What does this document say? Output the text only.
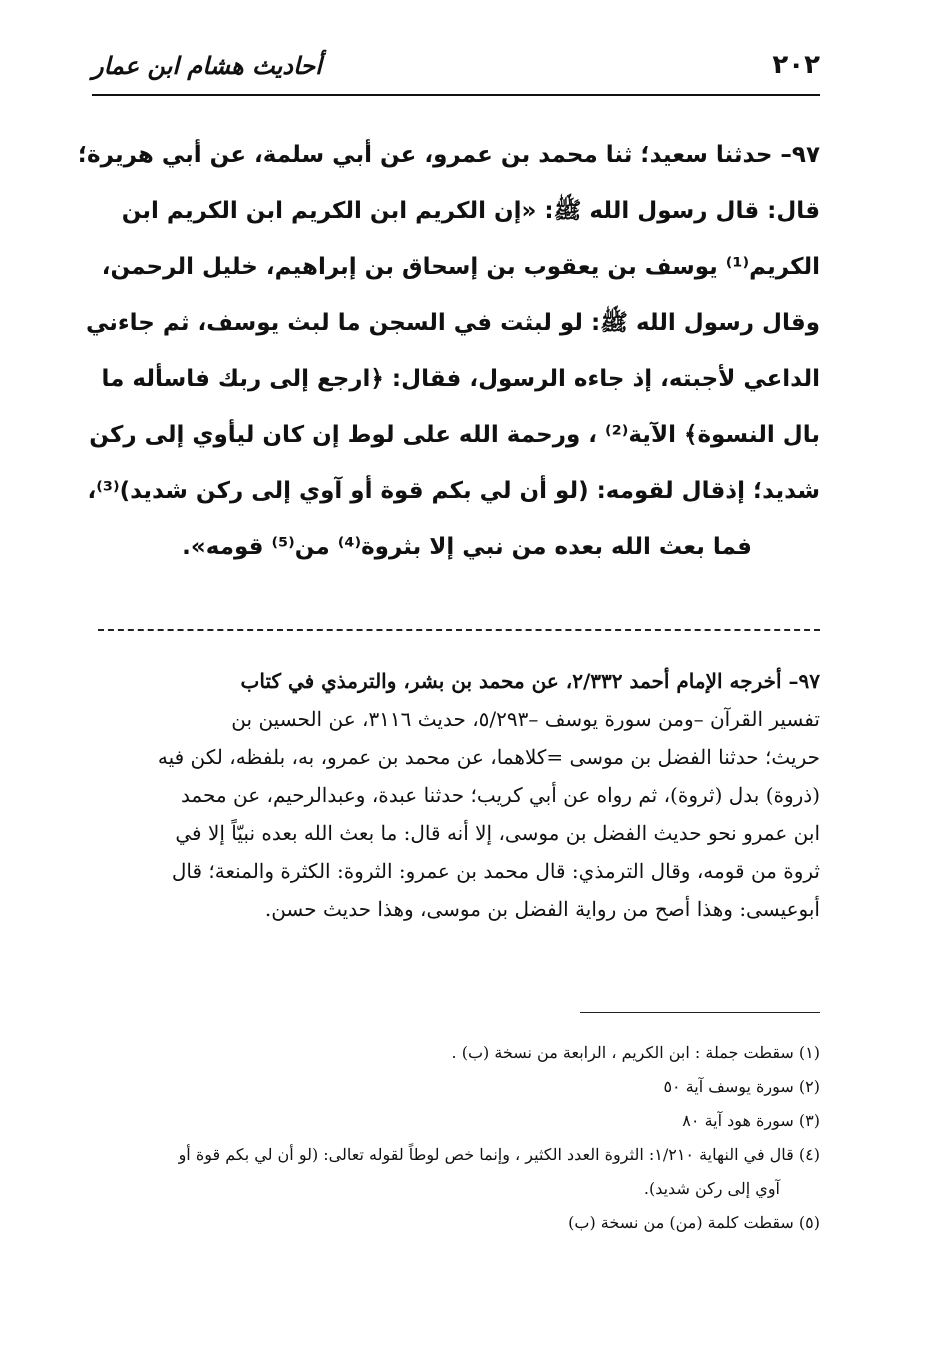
أحاديث هشام ابن عمار	٢٠٢
٩٧– حدثنا سعيد؛ ثنا محمد بن عمرو، عن أبي سلمة، عن أبي هريرة؛
قال: قال رسول الله ﷺ: «إن الكريم ابن الكريم ابن الكريم ابن
الكريم⁽¹⁾ يوسف بن يعقوب بن إسحاق بن إبراهيم، خليل الرحمن،
وقال رسول الله ﷺ: لو لبثت في السجن ما لبث يوسف، ثم جاءني
الداعي لأجبته، إذ جاءه الرسول، فقال: ﴿ارجع إلى ربك فاسأله ما
بال النسوة﴾ الآية⁽²⁾ ، ورحمة الله على لوط إن كان ليأوي إلى ركن
شديد؛ إذقال لقومه: (لو أن لي بكم قوة أو آوي إلى ركن شديد)⁽³⁾،
فما بعث الله بعده من نبي إلا بثروة⁽⁴⁾ من⁽⁵⁾ قومه».
٩٧– أخرجه الإمام أحمد ٢/٣٣٢، عن محمد بن بشر، والترمذي في كتاب
تفسير القرآن –ومن سورة يوسف –٥/٢٩٣، حديث ٣١١٦، عن الحسين بن
حريث؛ حدثنا الفضل بن موسى =كلاهما، عن محمد بن عمرو، به، بلفظه، لكن فيه
(ذروة) بدل (ثروة)، ثم رواه عن أبي كريب؛ حدثنا عبدة، وعبدالرحيم، عن محمد
ابن عمرو نحو حديث الفضل بن موسى، إلا أنه قال: ما بعث الله بعده نبيّاً إلا في
ثروة من قومه، وقال الترمذي: قال محمد بن عمرو: الثروة: الكثرة والمنعة؛ قال
أبوعيسى: وهذا أصح من رواية الفضل بن موسى، وهذا حديث حسن.
(١) سقطت جملة : ابن الكريم ، الرابعة من نسخة (ب) .
(٢) سورة يوسف آية ٥٠
(٣) سورة هود آية ٨٠
(٤) قال في النهاية ١/٢١٠: الثروة العدد الكثير ، وإنما خص لوطاً لقوله تعالى: (لو أن لي بكم قوة أو
آوي إلى ركن شديد).
(٥) سقطت كلمة (من) من نسخة (ب)
